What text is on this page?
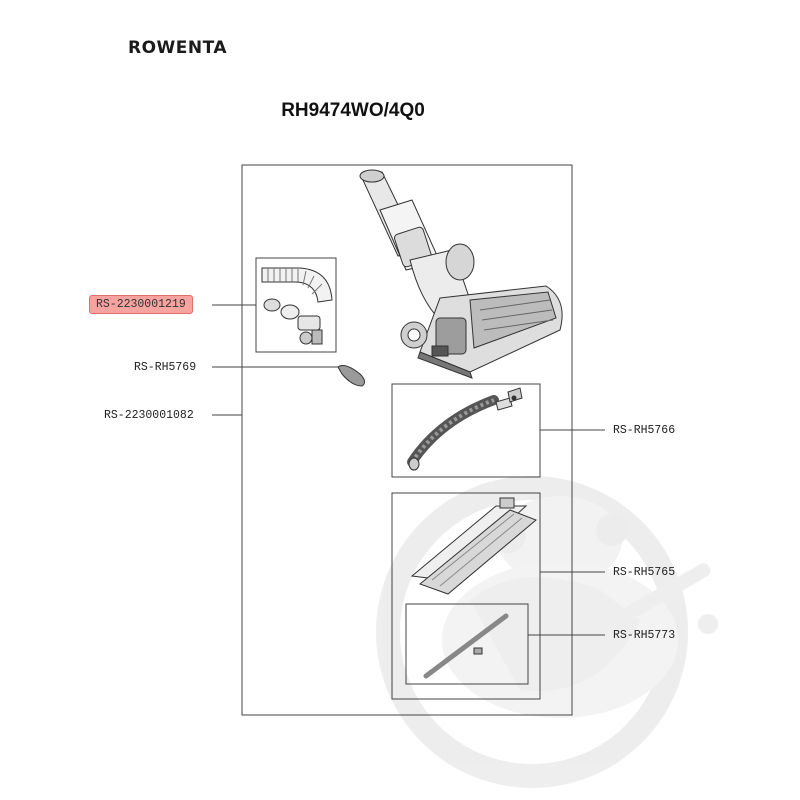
ROWENTA
RH9474WO/4Q0
RS-2230001219
RS-RH5769
RS-2230001082
RS-RH5766
RS-RH5765
RS-RH5773
